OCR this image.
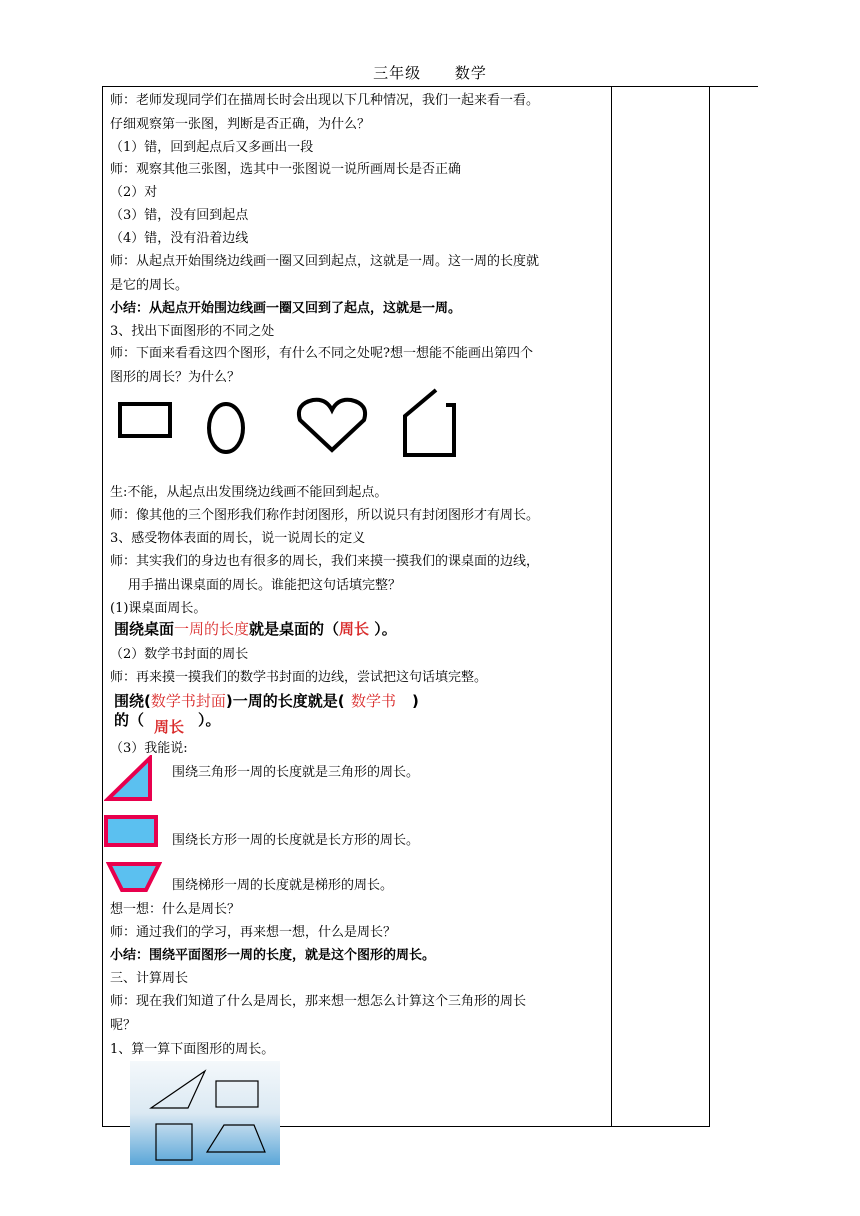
三年级 数学
师：老师发现同学们在描周长时会出现以下几种情况，我们一起来看一看。
仔细观察第一张图，判断是否正确，为什么？
（1）错，回到起点后又多画出一段
师：观察其他三张图，选其中一张图说一说所画周长是否正确
（2）对
（3）错，没有回到起点
（4）错，没有沿着边线
师：从起点开始围绕边线画一圈又回到起点，这就是一周。这一周的长度就
是它的周长。
小结：从起点开始围边线画一圈又回到了起点，这就是一周。
3、找出下面图形的不同之处
师：下面来看看这四个图形，有什么不同之处呢?想一想能不能画出第四个
图形的周长？为什么？
生:不能，从起点出发围绕边线画不能回到起点。
师：像其他的三个图形我们称作封闭图形，所以说只有封闭图形才有周长。
3、感受物体表面的周长，说一说周长的定义
师：其实我们的身边也有很多的周长，我们来摸一摸我们的课桌面的边线，
用手描出课桌面的周长。谁能把这句话填完整？
(1)课桌面周长。
围绕桌面一周的长度就是桌面的（周长 ）。
（2）数学书封面的周长
师：再来摸一摸我们的数学书封面的边线，尝试把这句话填完整。
围绕(数学书封面)一周的长度就是( 数学书 )
的（ 周长 ）。
（3）我能说:
围绕三角形一周的长度就是三角形的周长。
围绕长方形一周的长度就是长方形的周长。
围绕梯形一周的长度就是梯形的周长。
想一想：什么是周长？
师：通过我们的学习，再来想一想，什么是周长？
小结：围绕平面图形一周的长度，就是这个图形的周长。
三、计算周长
师：现在我们知道了什么是周长，那来想一想怎么计算这个三角形的周长
呢？
1、算一算下面图形的周长。
